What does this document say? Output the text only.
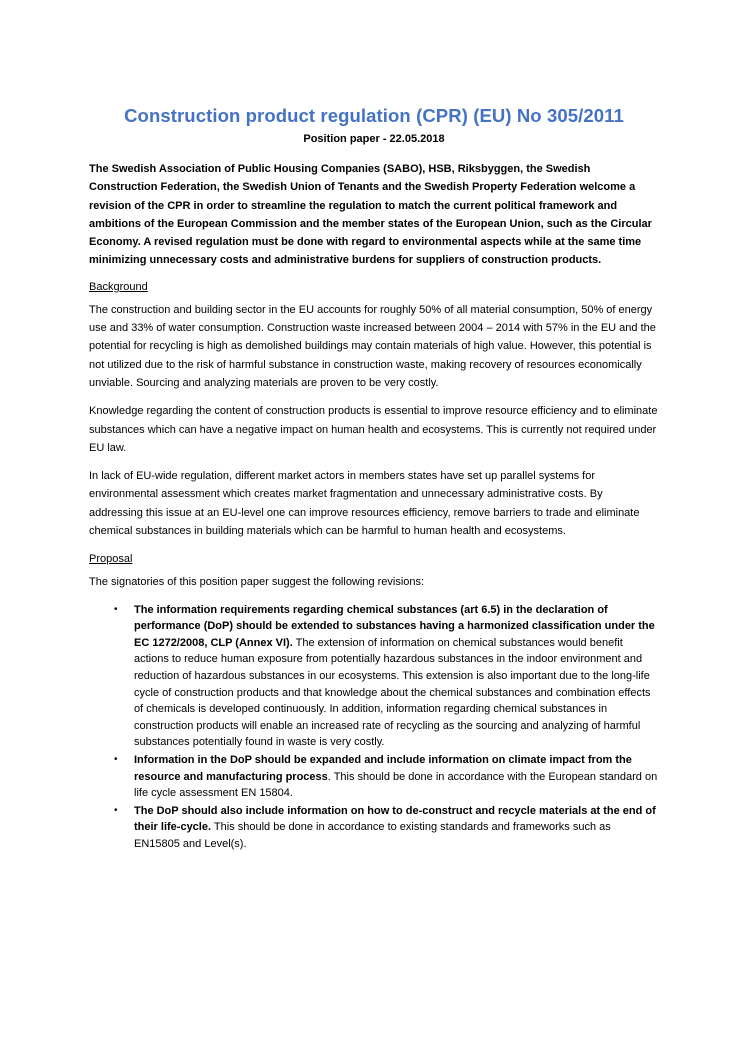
Construction product regulation (CPR) (EU) No 305/2011
Position paper - 22.05.2018

The Swedish Association of Public Housing Companies (SABO), HSB, Riksbyggen, the Swedish Construction Federation, the Swedish Union of Tenants and the Swedish Property Federation welcome a revision of the CPR in order to streamline the regulation to match the current political framework and ambitions of the European Commission and the member states of the European Union, such as the Circular Economy. A revised regulation must be done with regard to environmental aspects while at the same time minimizing unnecessary costs and administrative burdens for suppliers of construction products.

Background

The construction and building sector in the EU accounts for roughly 50% of all material consumption, 50% of energy use and 33% of water consumption. Construction waste increased between 2004 – 2014 with 57% in the EU and the potential for recycling is high as demolished buildings may contain materials of high value. However, this potential is not utilized due to the risk of harmful substance in construction waste, making recovery of resources economically unviable. Sourcing and analyzing materials are proven to be very costly.

Knowledge regarding the content of construction products is essential to improve resource efficiency and to eliminate substances which can have a negative impact on human health and ecosystems. This is currently not required under EU law.

In lack of EU-wide regulation, different market actors in members states have set up parallel systems for environmental assessment which creates market fragmentation and unnecessary administrative costs. By addressing this issue at an EU-level one can improve resources efficiency, remove barriers to trade and eliminate chemical substances in building materials which can be harmful to human health and ecosystems.

Proposal

The signatories of this position paper suggest the following revisions:

• The information requirements regarding chemical substances (art 6.5) in the declaration of performance (DoP) should be extended to substances having a harmonized classification under the EC 1272/2008, CLP (Annex VI). The extension of information on chemical substances would benefit actions to reduce human exposure from potentially hazardous substances in the indoor environment and reduction of hazardous substances in our ecosystems. This extension is also important due to the long-life cycle of construction products and that knowledge about the chemical substances and combination effects of chemicals is developed continuously. In addition, information regarding chemical substances in construction products will enable an increased rate of recycling as the sourcing and analyzing of harmful substances potentially found in waste is very costly.
• Information in the DoP should be expanded and include information on climate impact from the resource and manufacturing process. This should be done in accordance with the European standard on life cycle assessment EN 15804.
• The DoP should also include information on how to de-construct and recycle materials at the end of their life-cycle. This should be done in accordance to existing standards and frameworks such as EN15805 and Level(s).
